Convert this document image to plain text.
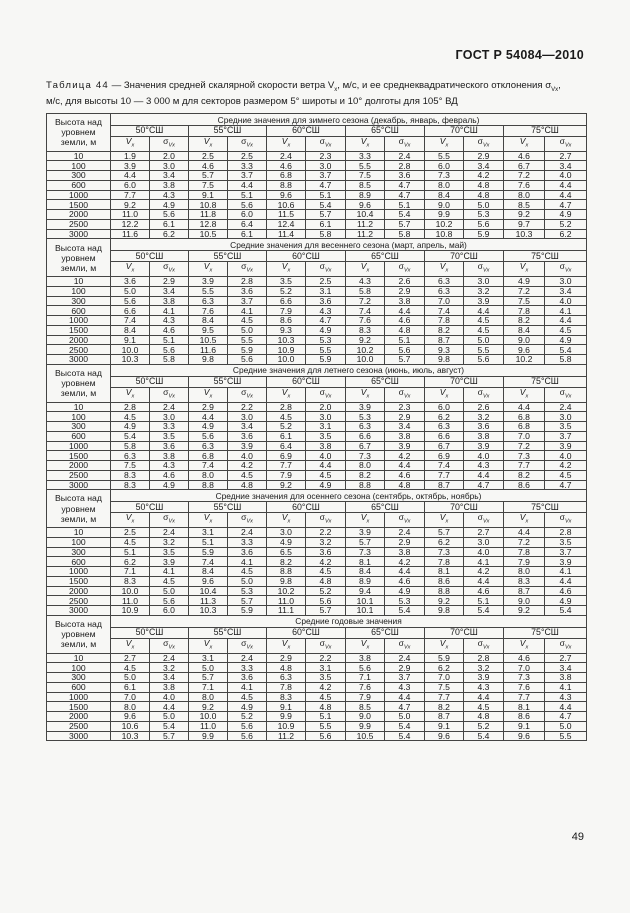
ГОСТ Р 54084—2010
Таблица 44 — Значения средней скалярной скорости ветра $V_x$, м/с, и ее среднеквадратического отклонения $\sigma_{Vx}$,
м/с, для высоты 10 — 3 000 м для секторов размером 5° широты и 10° долготы для 105° ВД
Высота над уровнем земли, м	Средние значения для зимнего сезона (декабрь, январь, февраль)											
	50°СШ		55°СШ		60°СШ		65°СШ		70°СШ		75°СШ	
	$V_x$	$\sigma_{Vx}$	$V_x$	$\sigma_{Vx}$	$V_x$	$\sigma_{Vx}$	$V_x$	$\sigma_{Vx}$	$V_x$	$\sigma_{Vx}$	$V_x$	$\sigma_{Vx}$
10	1.9	2.0	2.5	2.5	2.4	2.3	3.3	2.4	5.5	2.9	4.6	2.7
100	3.9	3.0	4.6	3.3	4.6	3.0	5.5	2.8	6.0	3.4	6.7	3.4
300	4.4	3.4	5.7	3.7	6.8	3.7	7.5	3.6	7.3	4.2	7.2	4.0
600	6.0	3.8	7.5	4.4	8.8	4.7	8.5	4.7	8.0	4.8	7.6	4.4
1000	7.7	4.3	9.1	5.1	9.6	5.1	8.9	4.7	8.4	4.8	8.0	4.4
1500	9.2	4.9	10.8	5.6	10.6	5.4	9.6	5.1	9.0	5.0	8.5	4.7
2000	11.0	5.6	11.8	6.0	11.5	5.7	10.4	5.4	9.9	5.3	9.2	4.9
2500	12.2	6.1	12.8	6.4	12.4	6.1	11.2	5.7	10.2	5.6	9.7	5.2
3000	11.6	6.2	10.5	6.1	11.4	5.8	11.2	5.8	10.8	5.9	10.3	6.2
Высота над уровнем земли, м	Средние значения для весеннего сезона (март, апрель, май)											
	50°СШ		55°СШ		60°СШ		65°СШ		70°СШ		75°СШ	
	$V_x$	$\sigma_{Vx}$	$V_x$	$\sigma_{Vx}$	$V_x$	$\sigma_{Vx}$	$V_x$	$\sigma_{Vx}$	$V_x$	$\sigma_{Vx}$	$V_x$	$\sigma_{Vx}$
10	3.6	2.9	3.9	2.8	3.5	2.5	4.3	2.6	6.3	3.0	4.9	3.0
100	5.0	3.4	5.5	3.6	5.2	3.1	5.8	2.9	6.3	3.2	7.2	3.4
300	5.6	3.8	6.3	3.7	6.6	3.6	7.2	3.8	7.0	3.9	7.5	4.0
600	6.6	4.1	7.6	4.1	7.9	4.3	7.4	4.4	7.4	4.4	7.8	4.1
1000	7.4	4.3	8.4	4.5	8.6	4.7	7.6	4.6	7.8	4.5	8.2	4.4
1500	8.4	4.6	9.5	5.0	9.3	4.9	8.3	4.8	8.2	4.5	8.4	4.5
2000	9.1	5.1	10.5	5.5	10.3	5.3	9.2	5.1	8.7	5.0	9.0	4.9
2500	10.0	5.6	11.6	5.9	10.9	5.5	10.2	5.6	9.3	5.5	9.6	5.4
3000	10.3	5.8	9.8	5.6	10.0	5.9	10.0	5.7	9.8	5.6	10.2	5.8
Высота над уровнем земли, м	Средние значения для летнего сезона (июнь, июль, август)											
	50°СШ		55°СШ		60°СШ		65°СШ		70°СШ		75°СШ	
	$V_x$	$\sigma_{Vx}$	$V_x$	$\sigma_{Vx}$	$V_x$	$\sigma_{Vx}$	$V_x$	$\sigma_{Vx}$	$V_x$	$\sigma_{Vx}$	$V_x$	$\sigma_{Vx}$
10	2.8	2.4	2.9	2.2	2.8	2.0	3.9	2.3	6.0	2.6	4.4	2.4
100	4.5	3.0	4.4	3.0	4.5	3.0	5.3	2.9	6.2	3.2	6.8	3.0
300	4.9	3.3	4.9	3.4	5.2	3.1	6.3	3.4	6.3	3.6	6.8	3.5
600	5.4	3.5	5.6	3.6	6.1	3.5	6.6	3.8	6.6	3.8	7.0	3.7
1000	5.8	3.6	6.3	3.9	6.4	3.8	6.7	3.9	6.7	3.9	7.2	3.9
1500	6.3	3.8	6.8	4.0	6.9	4.0	7.3	4.2	6.9	4.0	7.3	4.0
2000	7.5	4.3	7.4	4.2	7.7	4.4	8.0	4.4	7.4	4.3	7.7	4.2
2500	8.3	4.6	8.0	4.5	7.9	4.5	8.2	4.6	7.7	4.4	8.2	4.5
3000	8.3	4.9	8.8	4.8	9.2	4.9	8.8	4.8	8.7	4.7	8.6	4.7
Высота над уровнем земли, м	Средние значения для осеннего сезона (сентябрь, октябрь, ноябрь)											
	50°СШ		55°СШ		60°СШ		65°СШ		70°СШ		75°СШ	
	$V_x$	$\sigma_{Vx}$	$V_x$	$\sigma_{Vx}$	$V_x$	$\sigma_{Vx}$	$V_x$	$\sigma_{Vx}$	$V_x$	$\sigma_{Vx}$	$V_x$	$\sigma_{Vx}$
10	2.5	2.4	3.1	2.4	3.0	2.2	3.9	2.4	5.7	2.7	4.4	2.8
100	4.5	3.2	5.1	3.3	4.9	3.2	5.7	2.9	6.2	3.0	7.2	3.5
300	5.1	3.5	5.9	3.6	6.5	3.6	7.3	3.8	7.3	4.0	7.8	3.7
600	6.2	3.9	7.4	4.1	8.2	4.2	8.1	4.2	7.8	4.1	7.9	3.9
1000	7.1	4.1	8.4	4.5	8.8	4.5	8.4	4.4	8.1	4.2	8.0	4.1
1500	8.3	4.5	9.6	5.0	9.8	4.8	8.9	4.6	8.6	4.4	8.3	4.4
2000	10.0	5.0	10.4	5.3	10.2	5.2	9.4	4.9	8.8	4.6	8.7	4.6
2500	11.0	5.6	11.3	5.7	11.0	5.6	10.1	5.3	9.2	5.1	9.0	4.9
3000	10.9	6.0	10.3	5.9	11.1	5.7	10.1	5.4	9.8	5.4	9.2	5.4
Высота над уровнем земли, м	Средние годовые значения											
	50°СШ		55°СШ		60°СШ		65°СШ		70°СШ		75°СШ	
	$V_x$	$\sigma_{Vx}$	$V_x$	$\sigma_{Vx}$	$V_x$	$\sigma_{Vx}$	$V_x$	$\sigma_{Vx}$	$V_x$	$\sigma_{Vx}$	$V_x$	$\sigma_{Vx}$
10	2.7	2.4	3.1	2.4	2.9	2.2	3.8	2.4	5.9	2.8	4.6	2.7
100	4.5	3.2	5.0	3.3	4.8	3.1	5.6	2.9	6.2	3.2	7.0	3.4
300	5.0	3.4	5.7	3.6	6.3	3.5	7.1	3.7	7.0	3.9	7.3	3.8
600	6.1	3.8	7.1	4.1	7.8	4.2	7.6	4.3	7.5	4.3	7.6	4.1
1000	7.0	4.0	8.0	4.5	8.3	4.5	7.9	4.4	7.7	4.4	7.7	4.3
1500	8.0	4.4	9.2	4.9	9.1	4.8	8.5	4.7	8.2	4.5	8.1	4.4
2000	9.6	5.0	10.0	5.2	9.9	5.1	9.0	5.0	8.7	4.8	8.6	4.7
2500	10.6	5.4	11.0	5.6	10.9	5.5	9.9	5.4	9.1	5.2	9.1	5.0
3000	10.3	5.7	9.9	5.6	11.2	5.6	10.5	5.4	9.6	5.4	9.6	5.5
49
